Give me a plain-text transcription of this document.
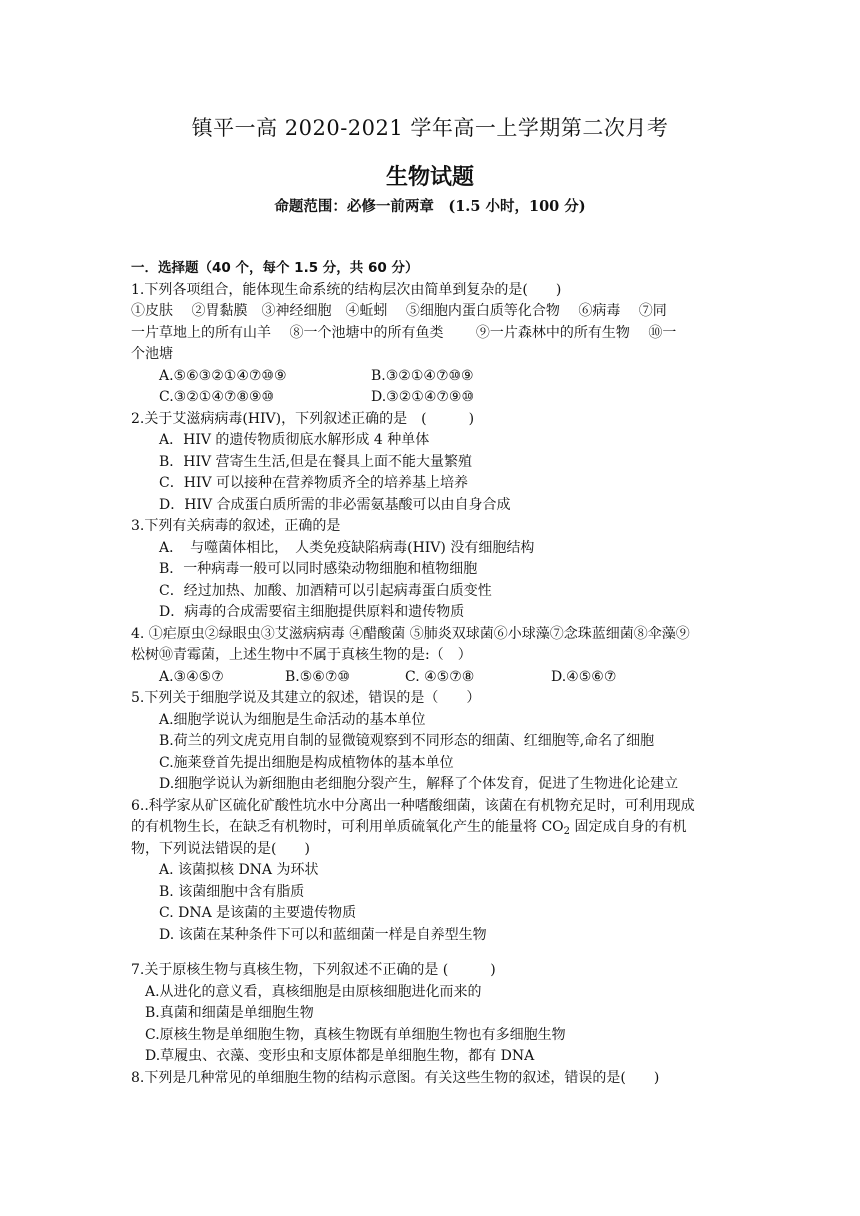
镇平一高 2020-2021 学年高一上学期第二次月考
生物试题
命题范围：必修一前两章　(1.5 小时，100 分)
一．选择题（40 个，每个 1.5 分，共 60 分）
1.下列各项组合，能体现生命系统的结构层次由简单到复杂的是(　　)
①皮肤　 ②胃黏膜　③神经细胞　④蚯蚓　 ⑤细胞内蛋白质等化合物　 ⑥病毒　 ⑦同
一片草地上的所有山羊　 ⑧一个池塘中的所有鱼类　　 ⑨一片森林中的所有生物　 ⑩一
个池塘
A.⑤⑥③②①④⑦⑩⑨	B.③②①④⑦⑩⑨
C.③②①④⑦⑧⑨⑩	D.③②①④⑦⑨⑩
2.关于艾滋病病毒(HIV)，下列叙述正确的是　(　　　)
A．HIV 的遗传物质彻底水解形成 4 种单体
B．HIV 营寄生生活,但是在餐具上面不能大量繁殖
C．HIV 可以接种在营养物质齐全的培养基上培养
D．HIV 合成蛋白质所需的非必需氨基酸可以由自身合成
3.下列有关病毒的叙述，正确的是
A．　与噬菌体相比，　人类免疫缺陷病毒(HIV) 没有细胞结构
B．一种病毒一般可以同时感染动物细胞和植物细胞
C．经过加热、加酸、加酒精可以引起病毒蛋白质变性
D．病毒的合成需要宿主细胞提供原料和遗传物质
4. ①疟原虫②绿眼虫③艾滋病病毒 ④醋酸菌 ⑤肺炎双球菌⑥小球藻⑦念珠蓝细菌⑧伞藻⑨
松树⑩青霉菌，上述生物中不属于真核生物的是:（　）
A.③④⑤⑦	B.⑤⑥⑦⑩	C. ④⑤⑦⑧	D.④⑤⑥⑦
5.下列关于细胞学说及其建立的叙述，错误的是（　　）
A.细胞学说认为细胞是生命活动的基本单位
B.荷兰的列文虎克用自制的显微镜观察到不同形态的细菌、红细胞等,命名了细胞
C.施莱登首先提出细胞是构成植物体的基本单位
D.细胞学说认为新细胞由老细胞分裂产生，解释了个体发育，促进了生物进化论建立
6..科学家从矿区硫化矿酸性坑水中分离出一种嗜酸细菌，该菌在有机物充足时，可利用现成
的有机物生长，在缺乏有机物时，可利用单质硫氧化产生的能量将 $CO_2$ 固定成自身的有机
物，下列说法错误的是(　　)
A. 该菌拟核 DNA 为环状
B. 该菌细胞中含有脂质
C. DNA 是该菌的主要遗传物质
D. 该菌在某种条件下可以和蓝细菌一样是自养型生物
7.关于原核生物与真核生物，下列叙述不正确的是 (　　　)
A.从进化的意义看，真核细胞是由原核细胞进化而来的
B.真菌和细菌是单细胞生物
C.原核生物是单细胞生物，真核生物既有单细胞生物也有多细胞生物
D.草履虫、衣藻、变形虫和支原体都是单细胞生物，都有 DNA
8.下列是几种常见的单细胞生物的结构示意图。有关这些生物的叙述，错误的是(　　)
